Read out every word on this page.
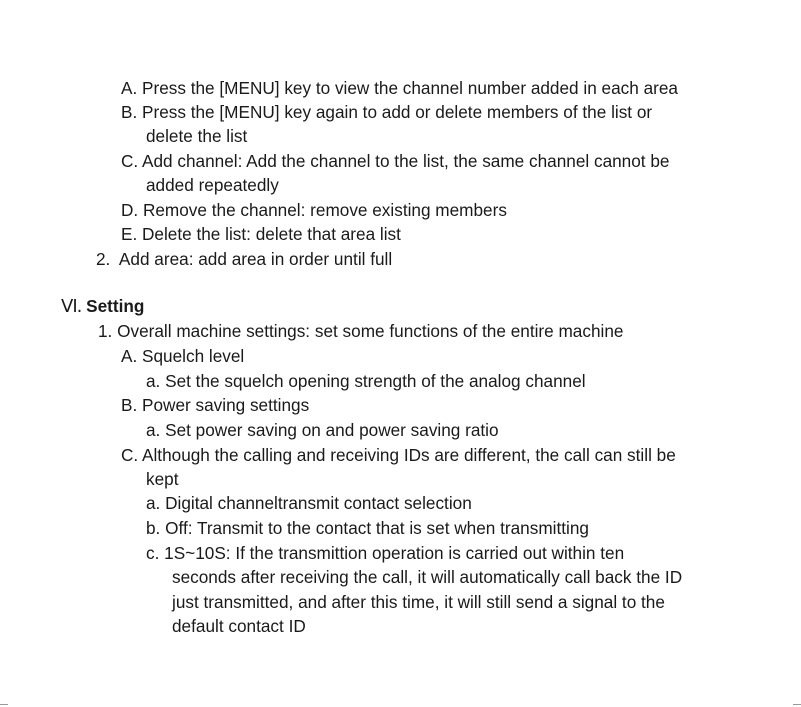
A. Press the [MENU] key to view the channel number added in each area

B. Press the [MENU] key again to add or delete members of the list or

delete the list

C. Add channel: Add the channel to the list, the same channel cannot be

added repeatedly

D. Remove the channel: remove existing members

E. Delete the list: delete that area list

2.  Add area: add area in order until full

VI. Setting

1. Overall machine settings: set some functions of the entire machine

A. Squelch level

a. Set the squelch opening strength of the analog channel

B. Power saving settings

a. Set power saving on and power saving ratio

C. Although the calling and receiving IDs are different, the call can still be

kept

a. Digital channeltransmit contact selection

b. Off: Transmit to the contact that is set when transmitting

c. 1S~10S: If the transmittion operation is carried out within ten

seconds after receiving the call, it will automatically call back the ID

just transmitted, and after this time, it will still send a signal to the

default contact ID
